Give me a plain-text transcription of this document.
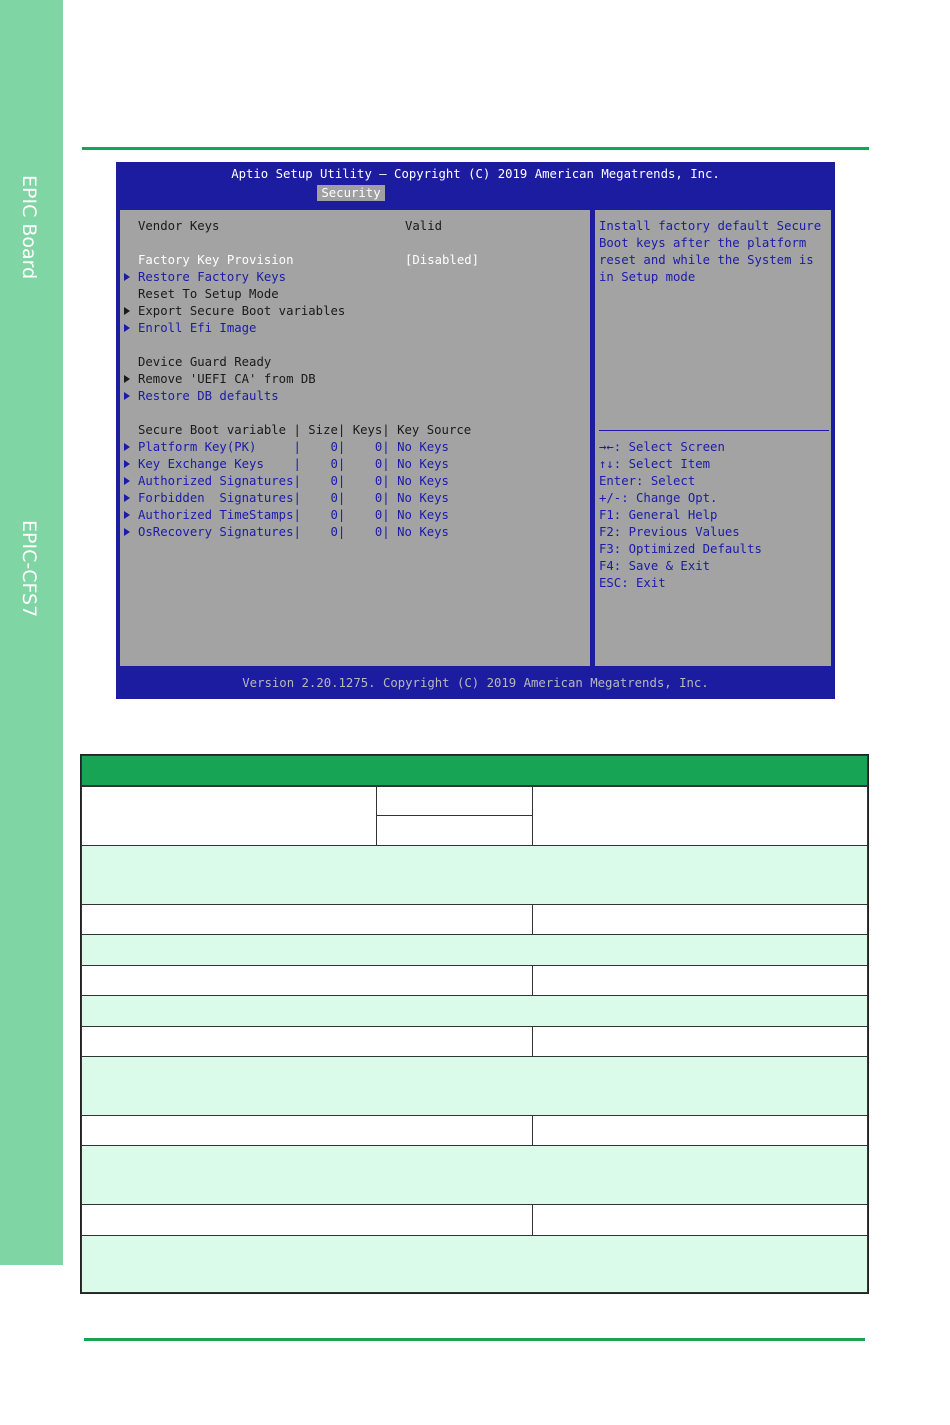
EPIC Board
EPIC-CFS7
Aptio Setup Utility – Copyright (C) 2019 American Megatrends, Inc.
Security
Vendor Keys	Valid
Factory Key Provision	[Disabled]
Restore Factory Keys
Reset To Setup Mode
Export Secure Boot variables
Enroll Efi Image
Device Guard Ready
Remove 'UEFI CA' from DB
Restore DB defaults
Secure Boot variable | Size| Keys| Key Source
Platform Key(PK)     |    0|    0| No Keys
Key Exchange Keys    |    0|    0| No Keys
Authorized Signatures|    0|    0| No Keys
Forbidden  Signatures|    0|    0| No Keys
Authorized TimeStamps|    0|    0| No Keys
OsRecovery Signatures|    0|    0| No Keys
Install factory default Secure
Boot keys after the platform
reset and while the System is
in Setup mode
→←: Select Screen
↑↓: Select Item
Enter: Select
+/-: Change Opt.
F1: General Help
F2: Previous Values
F3: Optimized Defaults
F4: Save & Exit
ESC: Exit
Version 2.20.1275. Copyright (C) 2019 American Megatrends, Inc.
